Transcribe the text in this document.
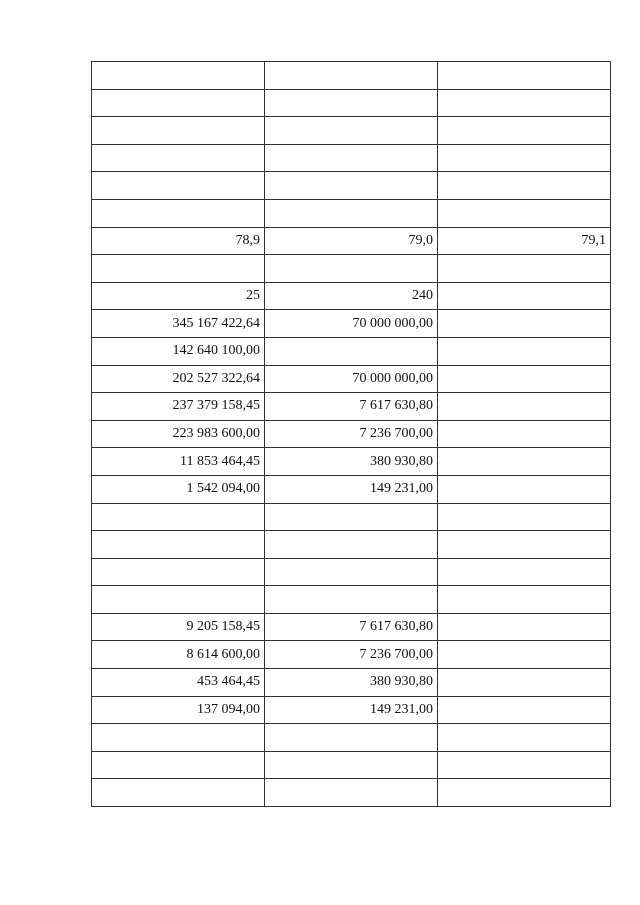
78,9	79,0	79,1

25	240	
345 167 422,64	70 000 000,00	
142 640 100,00		
202 527 322,64	70 000 000,00	
237 379 158,45	7 617 630,80	
223 983 600,00	7 236 700,00	
11 853 464,45	380 930,80	
1 542 094,00	149 231,00	

9 205 158,45	7 617 630,80	
8 614 600,00	7 236 700,00	
453 464,45	380 930,80	
137 094,00	149 231,00	
